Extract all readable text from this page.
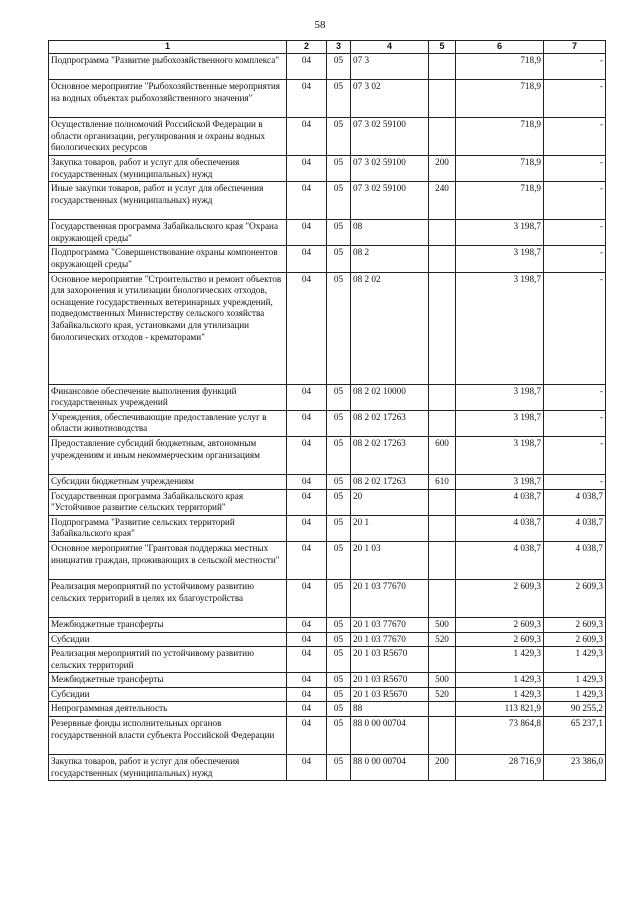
58
1	2	3	4	5	6	7
Подпрограмма "Развитие рыбохозяйственного комплекса"	04	05	07 3		718,9	-
Основное мероприятие "Рыбохозяйственные мероприятия на водных объектах рыбохозяйственного значения"	04	05	07 3 02		718,9	-
Осуществление полномочий Российской Федерации в области организации, регулирования и охраны водных биологических ресурсов	04	05	07 3 02 59100		718,9	-
Закупка товаров, работ и услуг для обеспечения государственных (муниципальных) нужд	04	05	07 3 02 59100	200	718,9	-
Иные закупки товаров, работ и услуг для обеспечения государственных (муниципальных) нужд	04	05	07 3 02 59100	240	718,9	-
Государственная программа Забайкальского края "Охрана окружающей среды"	04	05	08		3 198,7	-
Подпрограмма "Совершенствование охраны компонентов окружающей среды"	04	05	08 2		3 198,7	-
Основное мероприятие "Строительство и ремонт объектов для захоронения и утилизации биологических отходов, оснащение государственных ветеринарных учреждений, подведомственных Министерству сельского хозяйства Забайкальского края, установками для утилизации биологических отходов - крематорами"	04	05	08 2 02		3 198,7	-
Финансовое обеспечение выполнения функций государственных учреждений	04	05	08 2 02 10000		3 198,7	-
Учреждения, обеспечивающие предоставление услуг в области животноводства	04	05	08 2 02 17263		3 198,7	-
Предоставление субсидий бюджетным, автономным учреждениям и иным некоммерческим организациям	04	05	08 2 02 17263	600	3 198,7	-
Субсидии бюджетным учреждениям	04	05	08 2 02 17263	610	3 198,7	-
Государственная программа Забайкальского края "Устойчивое развитие сельских территорий"	04	05	20		4 038,7	4 038,7
Подпрограмма "Развитие сельских территорий Забайкальского края"	04	05	20 1		4 038,7	4 038,7
Основное мероприятие "Грантовая поддержка местных инициатив граждан, проживающих в сельской местности"	04	05	20 1 03		4 038,7	4 038,7
Реализация мероприятий по устойчивому развитию сельских территорий в целях их благоустройства	04	05	20 1 03 77670		2 609,3	2 609,3
Межбюджетные трансферты	04	05	20 1 03 77670	500	2 609,3	2 609,3
Субсидии	04	05	20 1 03 77670	520	2 609,3	2 609,3
Реализация мероприятий по устойчивому развитию сельских территорий	04	05	20 1 03 R5670		1 429,3	1 429,3
Межбюджетные трансферты	04	05	20 1 03 R5670	500	1 429,3	1 429,3
Субсидии	04	05	20 1 03 R5670	520	1 429,3	1 429,3
Непрограммная деятельность	04	05	88		113 821,9	90 255,2
Резервные фонды исполнительных органов государственной власти субъекта Российской Федерации	04	05	88 0 00 00704		73 864,8	65 237,1
Закупка товаров, работ и услуг для обеспечения государственных (муниципальных) нужд	04	05	88 0 00 00704	200	28 716,9	23 386,0
